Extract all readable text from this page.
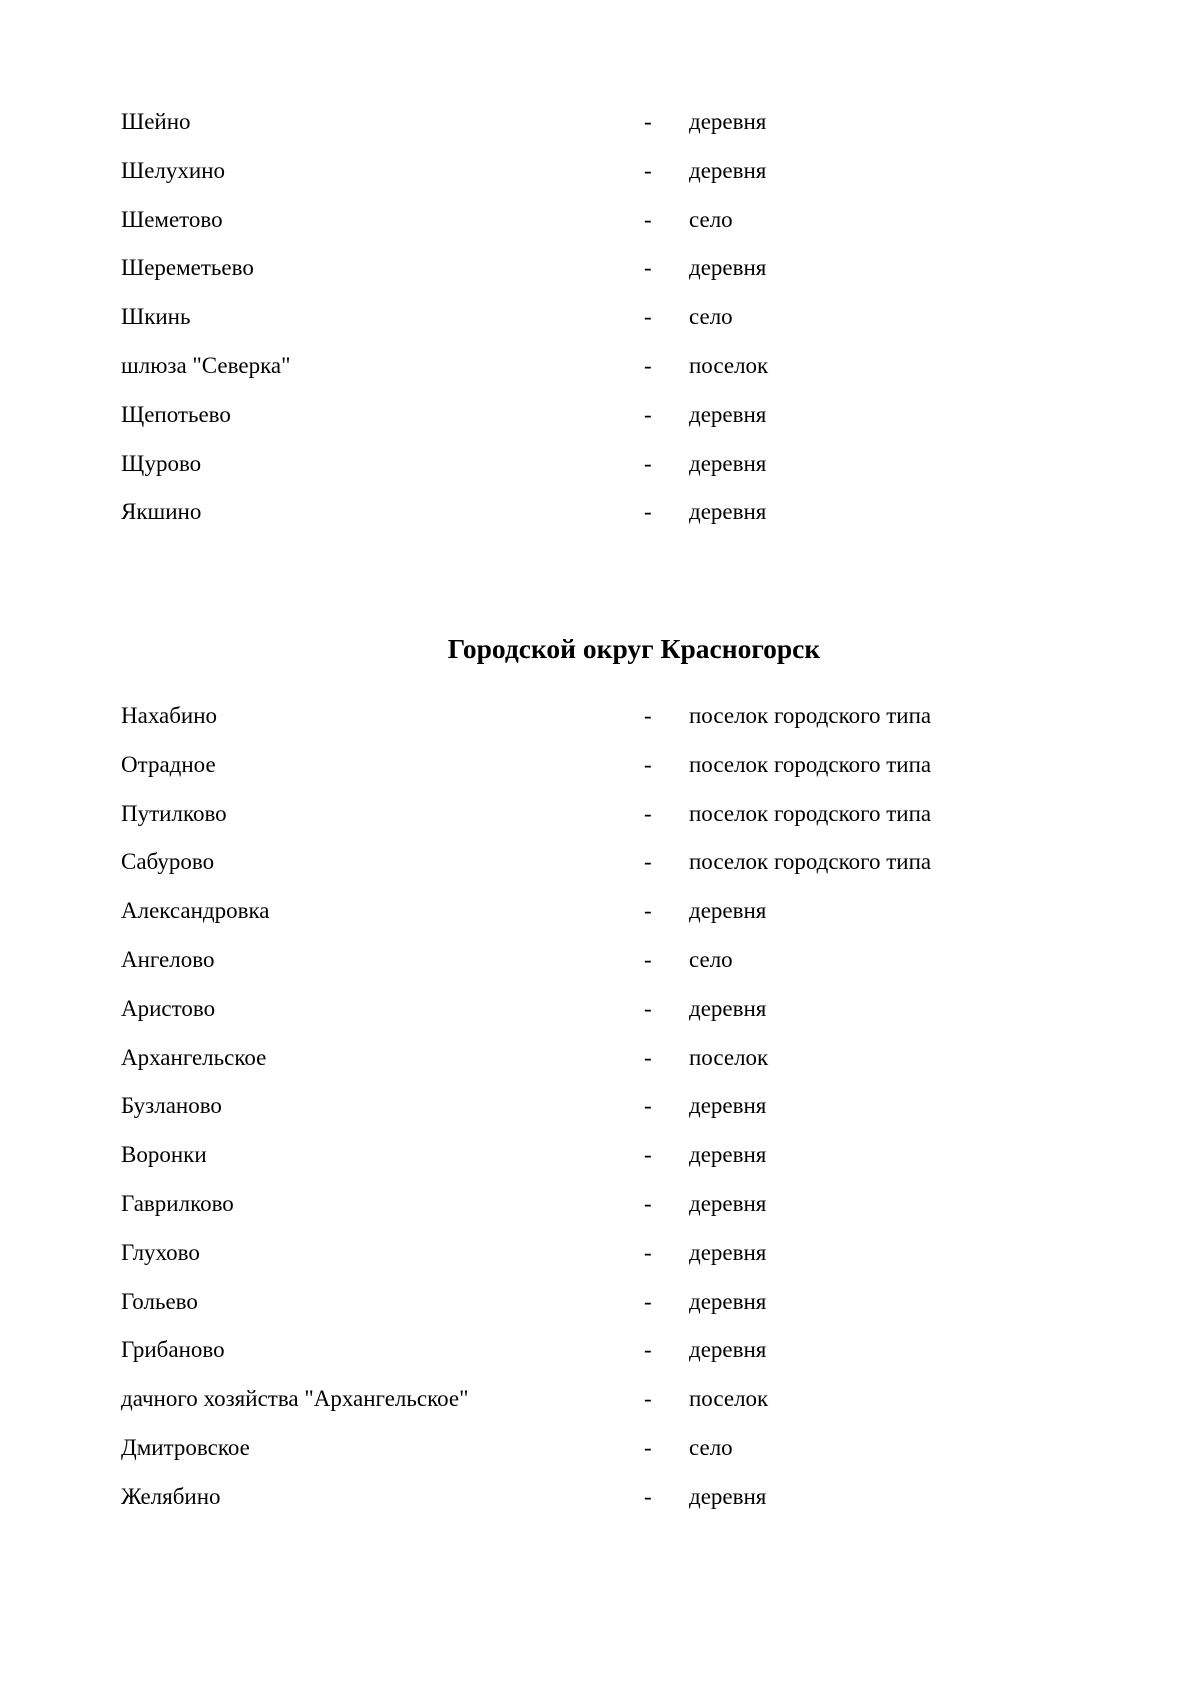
Шейно	- деревня
Шелухино	- деревня
Шеметово	- село
Шереметьево	- деревня
Шкинь	- село
шлюза "Северка"	- поселок
Щепотьево	- деревня
Щурово	- деревня
Якшино	- деревня
Городской округ Красногорск
Нахабино	- поселок городского типа
Отрадное	- поселок городского типа
Путилково	- поселок городского типа
Сабурово	- поселок городского типа
Александровка	- деревня
Ангелово	- село
Аристово	- деревня
Архангельское	- поселок
Бузланово	- деревня
Воронки	- деревня
Гаврилково	- деревня
Глухово	- деревня
Гольево	- деревня
Грибаново	- деревня
дачного хозяйства "Архангельское"	- поселок
Дмитровское	- село
Желябино	- деревня
